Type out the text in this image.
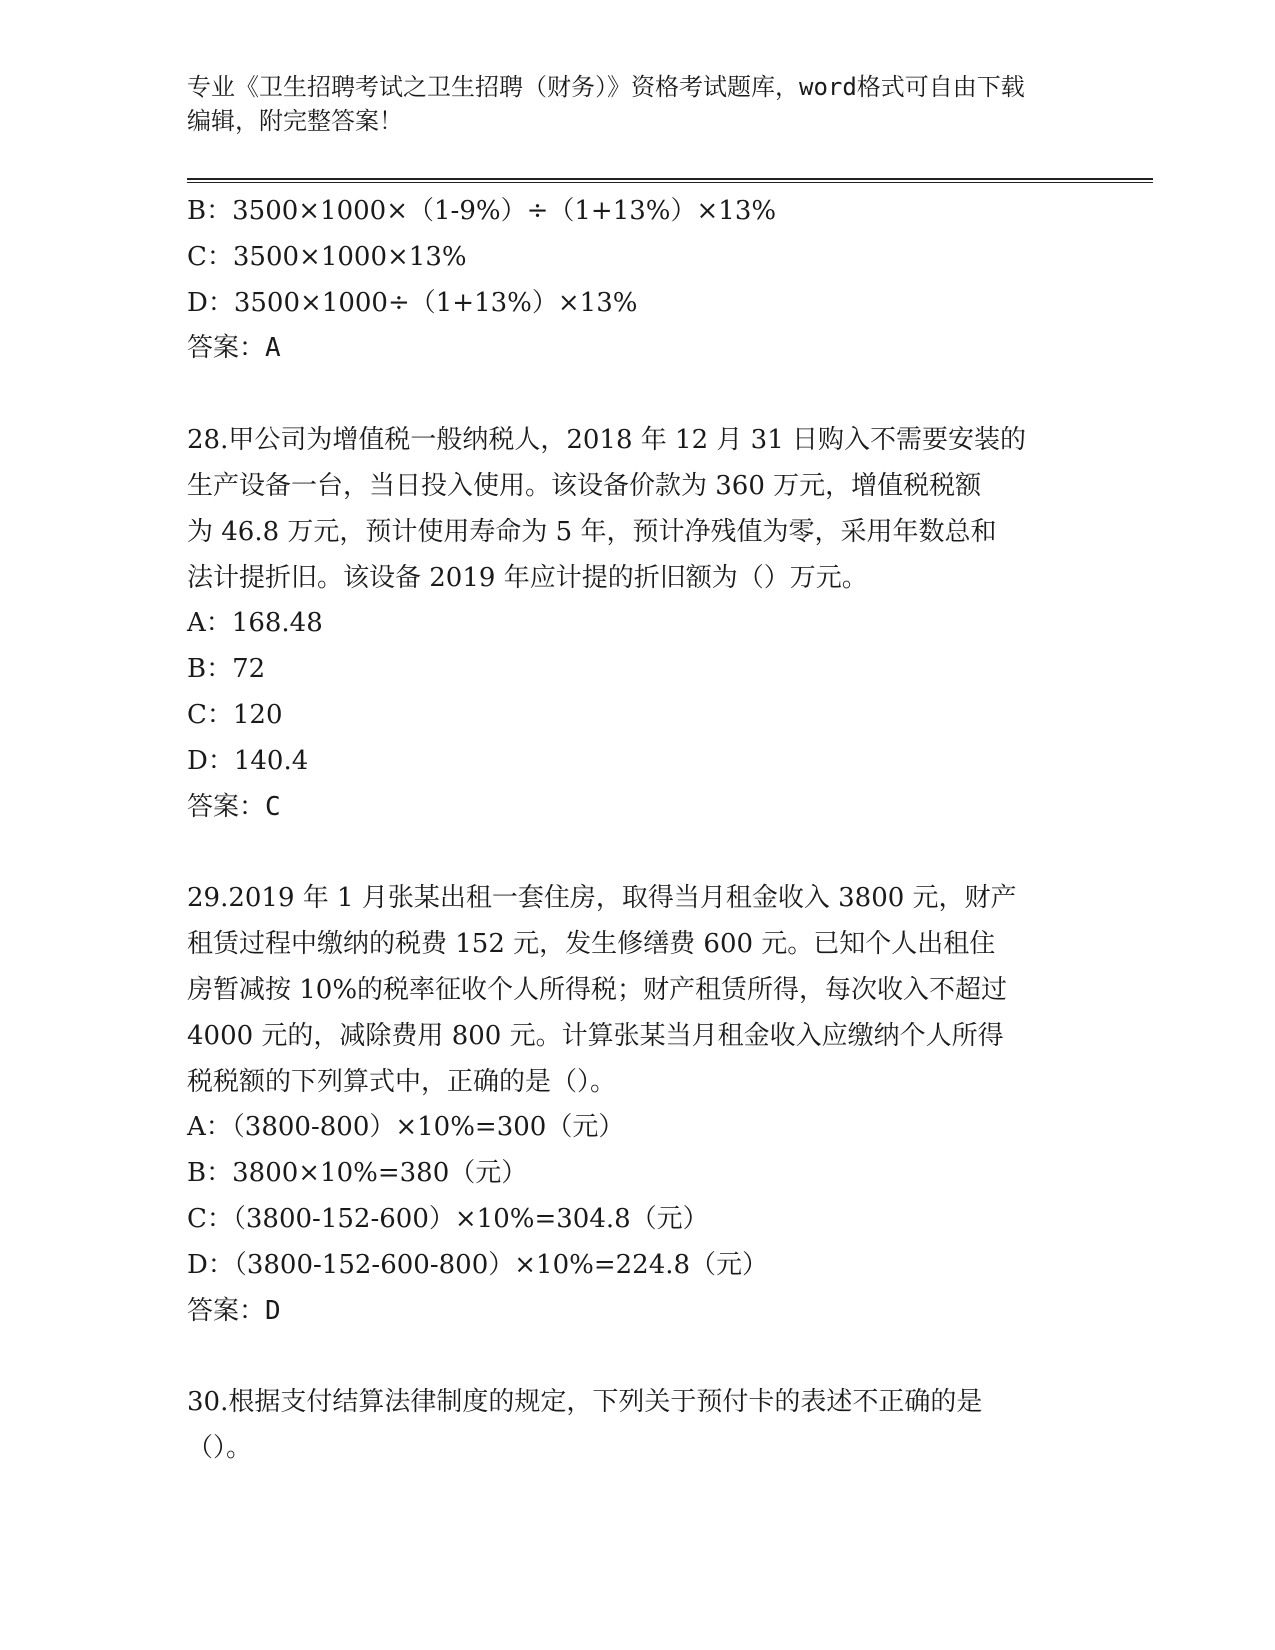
专业《卫生招聘考试之卫生招聘（财务）》资格考试题库，word格式可自由下载

编辑，附完整答案！

B：3500×1000×（1-9%）÷（1+13%）×13%
C：3500×1000×13%
D：3500×1000÷（1+13%）×13%
答案：A
28.甲公司为增值税一般纳税人，2018 年 12 月 31 日购入不需要安装的
生产设备一台，当日投入使用。该设备价款为 360 万元，增值税税额
为 46.8 万元，预计使用寿命为 5 年，预计净残值为零，采用年数总和
法计提折旧。该设备 2019 年应计提的折旧额为（）万元。
A：168.48
B：72
C：120
D：140.4
答案：C
29.2019 年 1 月张某出租一套住房，取得当月租金收入 3800 元，财产
租赁过程中缴纳的税费 152 元，发生修缮费 600 元。已知个人出租住
房暂减按 10%的税率征收个人所得税；财产租赁所得，每次收入不超过
4000 元的，减除费用 800 元。计算张某当月租金收入应缴纳个人所得
税税额的下列算式中，正确的是（）。
A：（3800-800）×10%=300（元）
B：3800×10%=380（元）
C：（3800-152-600）×10%=304.8（元）
D：（3800-152-600-800）×10%=224.8（元）
答案：D
30.根据支付结算法律制度的规定，下列关于预付卡的表述不正确的是
（）。
